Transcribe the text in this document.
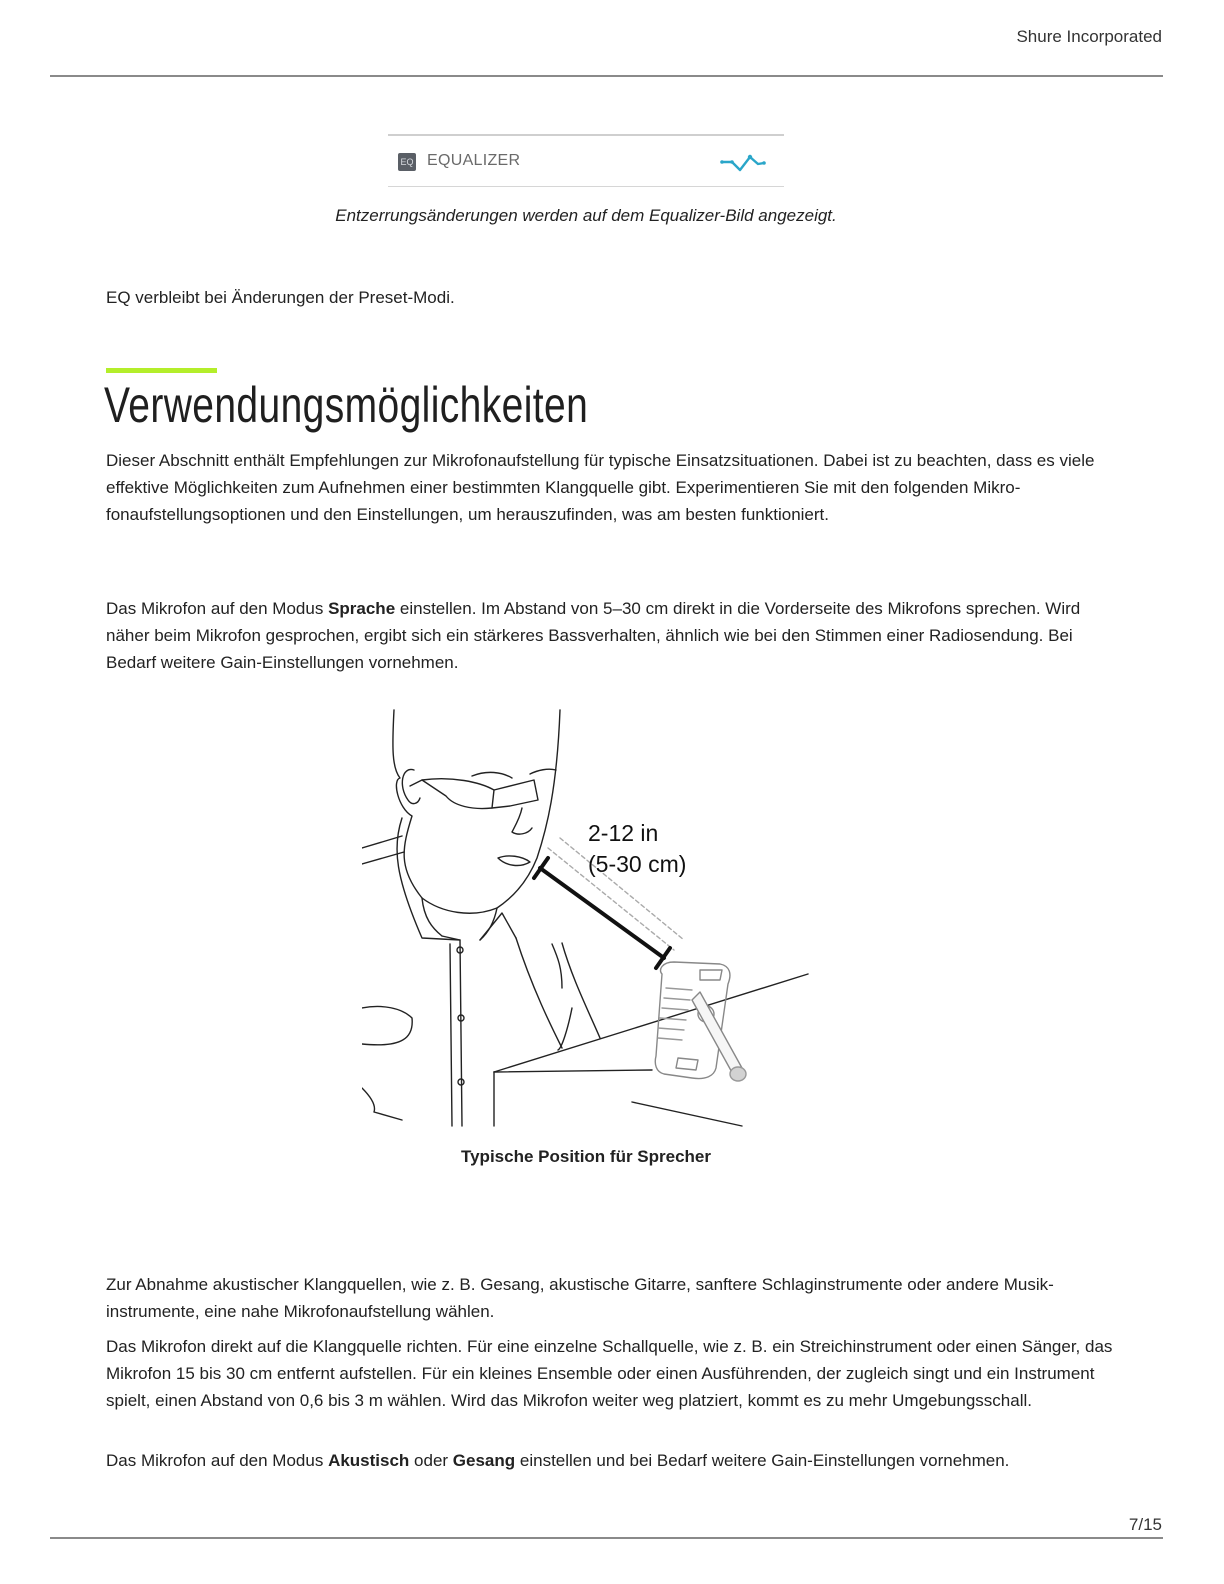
Shure Incorporated
EQ EQUALIZER
Entzerrungsänderungen werden auf dem Equalizer-Bild angezeigt.
EQ verbleibt bei Änderungen der Preset-Modi.
Verwendungsmöglichkeiten
Dieser Abschnitt enthält Empfehlungen zur Mikrofonaufstellung für typische Einsatzsituationen. Dabei ist zu beachten, dass es viele effektive Möglichkeiten zum Aufnehmen einer bestimmten Klangquelle gibt. Experimentieren Sie mit den folgenden Mikrofonaufstellungsoptionen und den Einstellungen, um herauszufinden, was am besten funktioniert.
Das Mikrofon auf den Modus Sprache einstellen. Im Abstand von 5–30 cm direkt in die Vorderseite des Mikrofons sprechen. Wird näher beim Mikrofon gesprochen, ergibt sich ein stärkeres Bassverhalten, ähnlich wie bei den Stimmen einer Radiosendung. Bei Bedarf weitere Gain-Einstellungen vornehmen.
2-12 in
(5-30 cm)
Typische Position für Sprecher
Zur Abnahme akustischer Klangquellen, wie z. B. Gesang, akustische Gitarre, sanftere Schlaginstrumente oder andere Musikinstrumente, eine nahe Mikrofonaufstellung wählen.
Das Mikrofon direkt auf die Klangquelle richten. Für eine einzelne Schallquelle, wie z. B. ein Streichinstrument oder einen Sänger, das Mikrofon 15 bis 30 cm entfernt aufstellen. Für ein kleines Ensemble oder einen Ausführenden, der zugleich singt und ein Instrument spielt, einen Abstand von 0,6 bis 3 m wählen. Wird das Mikrofon weiter weg platziert, kommt es zu mehr Umgebungsschall.
Das Mikrofon auf den Modus Akustisch oder Gesang einstellen und bei Bedarf weitere Gain-Einstellungen vornehmen.
7/15
